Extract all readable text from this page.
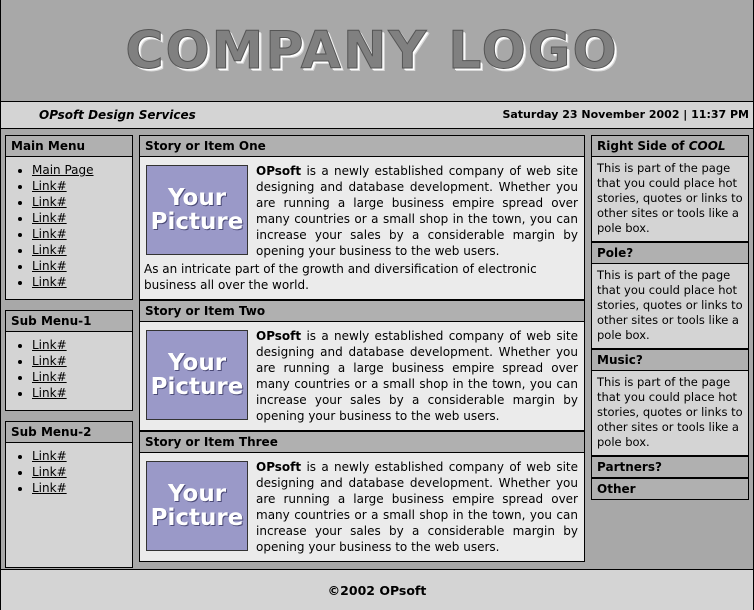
COMPANY LOGO
OPsoft Design Services	Saturday 23 November 2002 | 11:37 PM
Main Menu
• Main Page
• Link#
• Link#
• Link#
• Link#
• Link#
• Link#
• Link#
Sub Menu-1
• Link#
• Link#
• Link#
• Link#
Sub Menu-2
• Link#
• Link#
• Link#
Story or Item One
Your
Picture
OPsoft is a newly established company of web site designing and database development. Whether you are running a large business empire spread over many countries or a small shop in the town, you can increase your sales by a considerable margin by opening your business to the web users.
As an intricate part of the growth and diversification of electronic business all over the world.
Story or Item Two
Your
Picture
OPsoft is a newly established company of web site designing and database development. Whether you are running a large business empire spread over many countries or a small shop in the town, you can increase your sales by a considerable margin by opening your business to the web users.
Story or Item Three
Your
Picture
OPsoft is a newly established company of web site designing and database development. Whether you are running a large business empire spread over many countries or a small shop in the town, you can increase your sales by a considerable margin by opening your business to the web users.
Right Side of COOL
This is part of the page that you could place hot stories, quotes or links to other sites or tools like a pole box.
Pole?
This is part of the page that you could place hot stories, quotes or links to other sites or tools like a pole box.
Music?
This is part of the page that you could place hot stories, quotes or links to other sites or tools like a pole box.
Partners?
Other
©2002 OPsoft
